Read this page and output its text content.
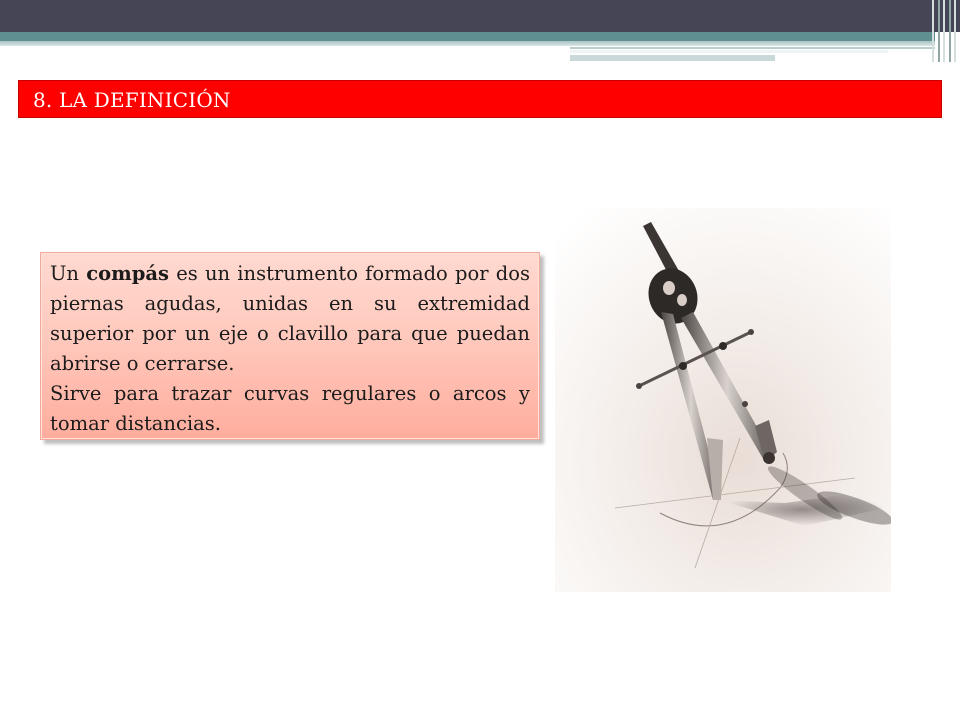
8. LA DEFINICIÓN

Un compás es un instrumento formado por dos piernas agudas, unidas en su extremidad superior por un eje o clavillo para que puedan abrirse o cerrarse.

Sirve para trazar curvas regulares o arcos y tomar distancias.
